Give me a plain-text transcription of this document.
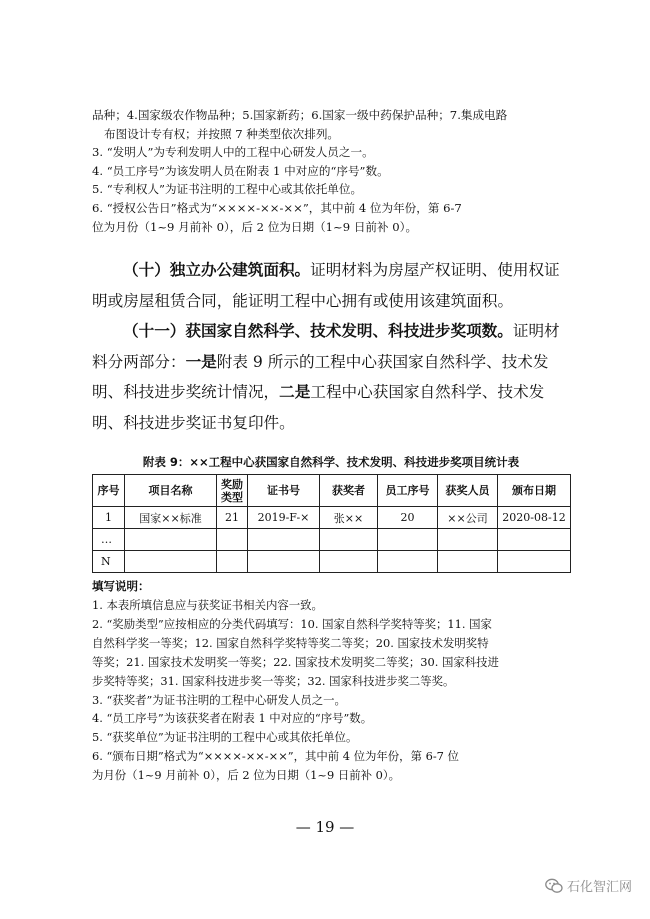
品种；4.国家级农作物品种；5.国家新药；6.国家一级中药保护品种；7.集成电路

布图设计专有权；并按照 7 种类型依次排列。

3. “发明人”为专利发明人中的工程中心研发人员之一。

4. “员工序号”为该发明人员在附表 1 中对应的“序号”数。

5. “专利权人”为证书注明的工程中心或其依托单位。

6. “授权公告日”格式为“××××-××-××”，其中前 4 位为年份，第 6-7

位为月份（1~9 月前补 0），后 2 位为日期（1~9 日前补 0）。

（十）独立办公建筑面积。证明材料为房屋产权证明、使用权证明或房屋租赁合同，能证明工程中心拥有或使用该建筑面积。

（十一）获国家自然科学、技术发明、科技进步奖项数。证明材料分两部分：一是附表 9 所示的工程中心获国家自然科学、技术发明、科技进步奖统计情况，二是工程中心获国家自然科学、技术发明、科技进步奖证书复印件。

附表 9：××工程中心获国家自然科学、技术发明、科技进步奖项目统计表
序号	项目名称	奖励类型	证书号	获奖者	员工序号	获奖人员	颁布日期
1	国家××标准	21	2019-F-×	张××	20	××公司	2020-08-12
…							
N							
填写说明：

1. 本表所填信息应与获奖证书相关内容一致。

2. “奖励类型”应按相应的分类代码填写：10. 国家自然科学奖特等奖；11. 国家

自然科学奖一等奖；12. 国家自然科学奖特等奖二等奖；20. 国家技术发明奖特

等奖；21. 国家技术发明奖一等奖；22. 国家技术发明奖二等奖；30. 国家科技进

步奖特等奖；31. 国家科技进步奖一等奖；32. 国家科技进步奖二等奖。

3. “获奖者”为证书注明的工程中心研发人员之一。

4. “员工序号”为该获奖者在附表 1 中对应的“序号”数。

5. “获奖单位”为证书注明的工程中心或其依托单位。

6. “颁布日期”格式为“××××-××-××”，其中前 4 位为年份，第 6-7 位

为月份（1~9 月前补 0），后 2 位为日期（1~9 日前补 0）。

— 19 —
石化智汇网
